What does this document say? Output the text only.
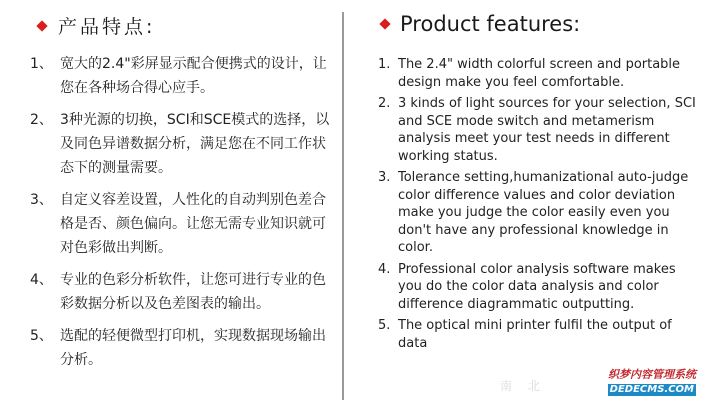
产品特点:
1、 宽大的2.4"彩屏显示配合便携式的设计，让您在各种场合得心应手。
2、 3种光源的切换，SCI和SCE模式的选择，以及同色异谱数据分析，满足您在不同工作状态下的测量需要。
3、 自定义容差设置，人性化的自动判别色差合格是否、颜色偏向。让您无需专业知识就可对色彩做出判断。
4、 专业的色彩分析软件，让您可进行专业的色彩数据分析以及色差图表的输出。
5、 选配的轻便微型打印机，实现数据现场输出分析。
Product features:
1. The 2.4" width colorful screen and portable design make you feel comfortable.
2. 3 kinds of light sources for your selection, SCI and SCE mode switch and metamerism analysis meet your test needs in different working status.
3. Tolerance setting,humanizational auto-judge color difference values and color deviation make you judge the color easily even you don't have any professional knowledge in color.
4. Professional color analysis software makes you do the color data analysis and color difference diagrammatic outputting.
5. The optical mini printer fulfil the output of data
南 北
织梦内容管理系统
DEDECMS.COM
